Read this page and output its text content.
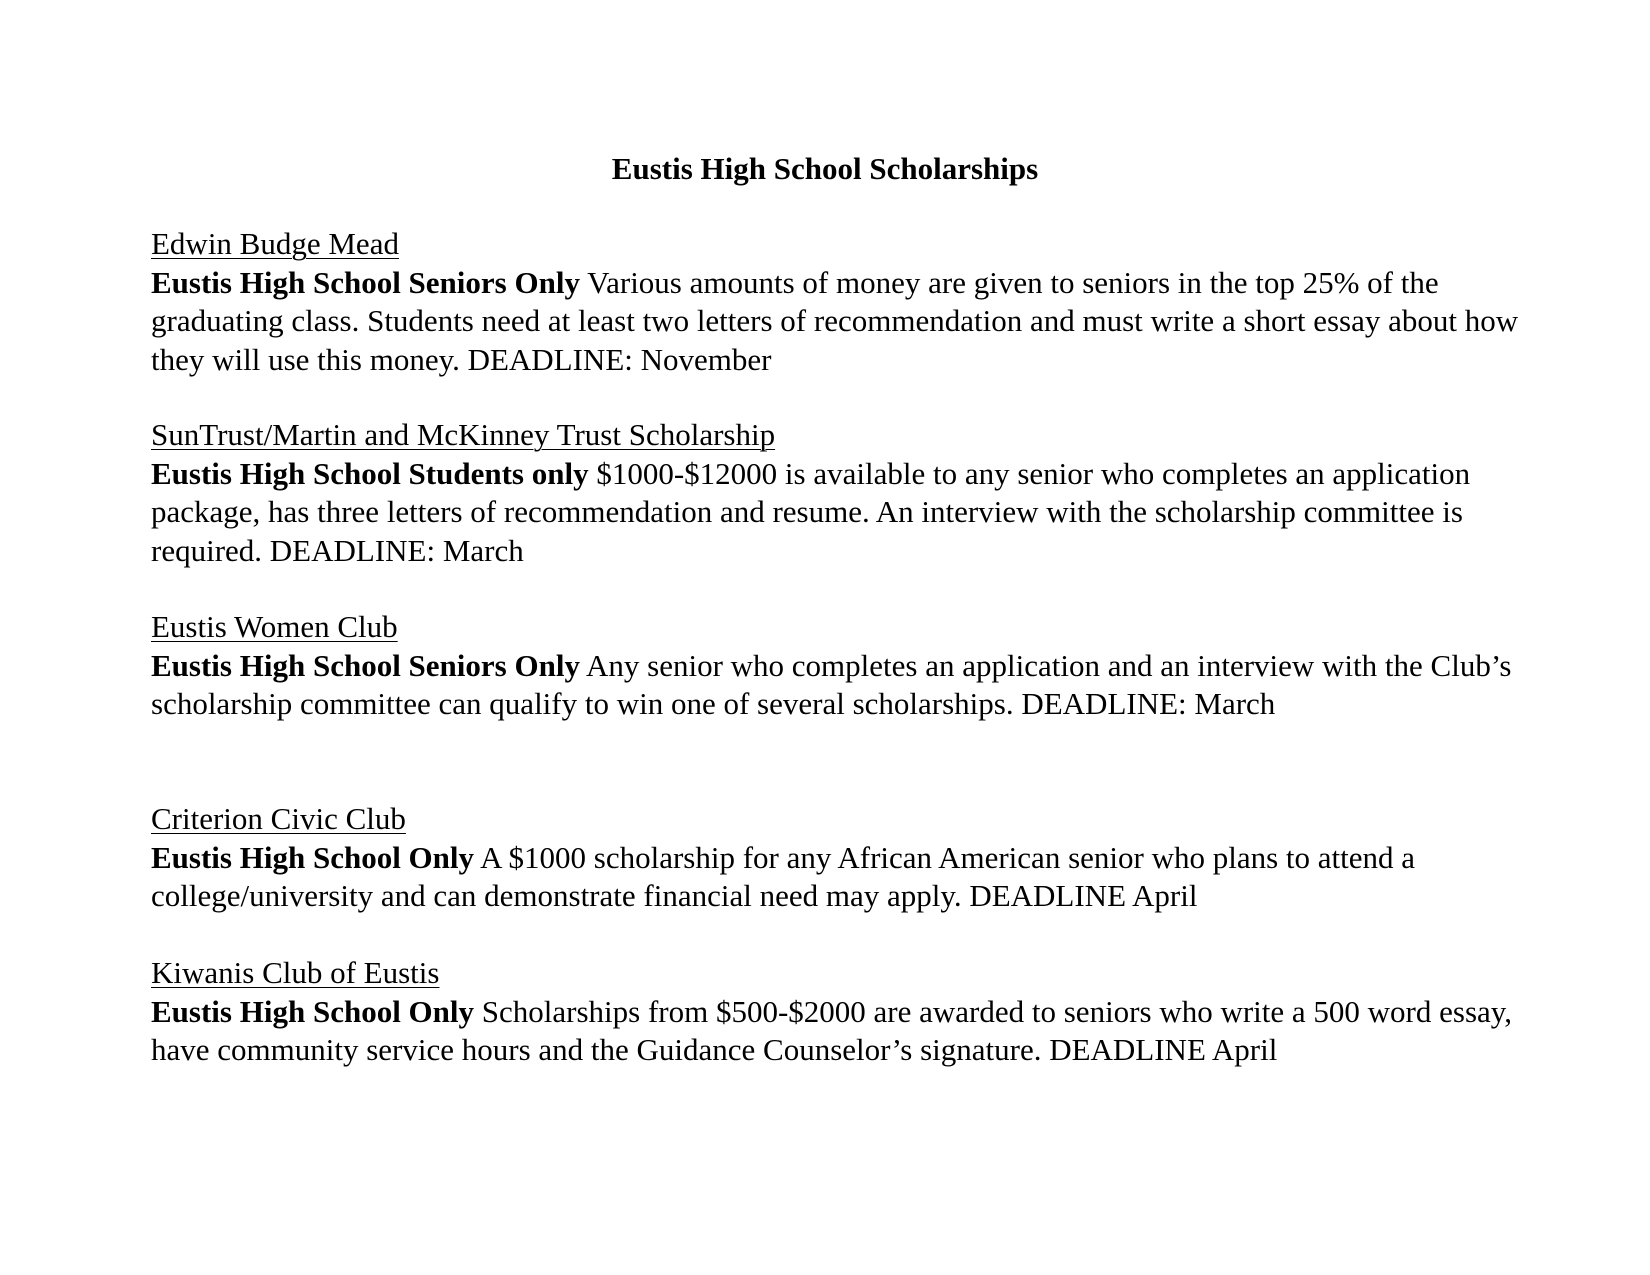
Eustis High School Scholarships
Edwin Budge Mead

Eustis High School Seniors Only Various amounts of money are given to seniors in the top 25% of the graduating class. Students need at least two letters of recommendation and must write a short essay about how they will use this money. DEADLINE: November

SunTrust/Martin and McKinney Trust Scholarship

Eustis High School Students only $1000-$12000 is available to any senior who completes an application package, has three letters of recommendation and resume. An interview with the scholarship committee is required. DEADLINE: March

Eustis Women Club

Eustis High School Seniors Only Any senior who completes an application and an interview with the Club’s scholarship committee can qualify to win one of several scholarships. DEADLINE: March

Criterion Civic Club

Eustis High School Only A $1000 scholarship for any African American senior who plans to attend a college/university and can demonstrate financial need may apply. DEADLINE April

Kiwanis Club of Eustis

Eustis High School Only Scholarships from $500-$2000 are awarded to seniors who write a 500 word essay, have community service hours and the Guidance Counselor’s signature. DEADLINE April
